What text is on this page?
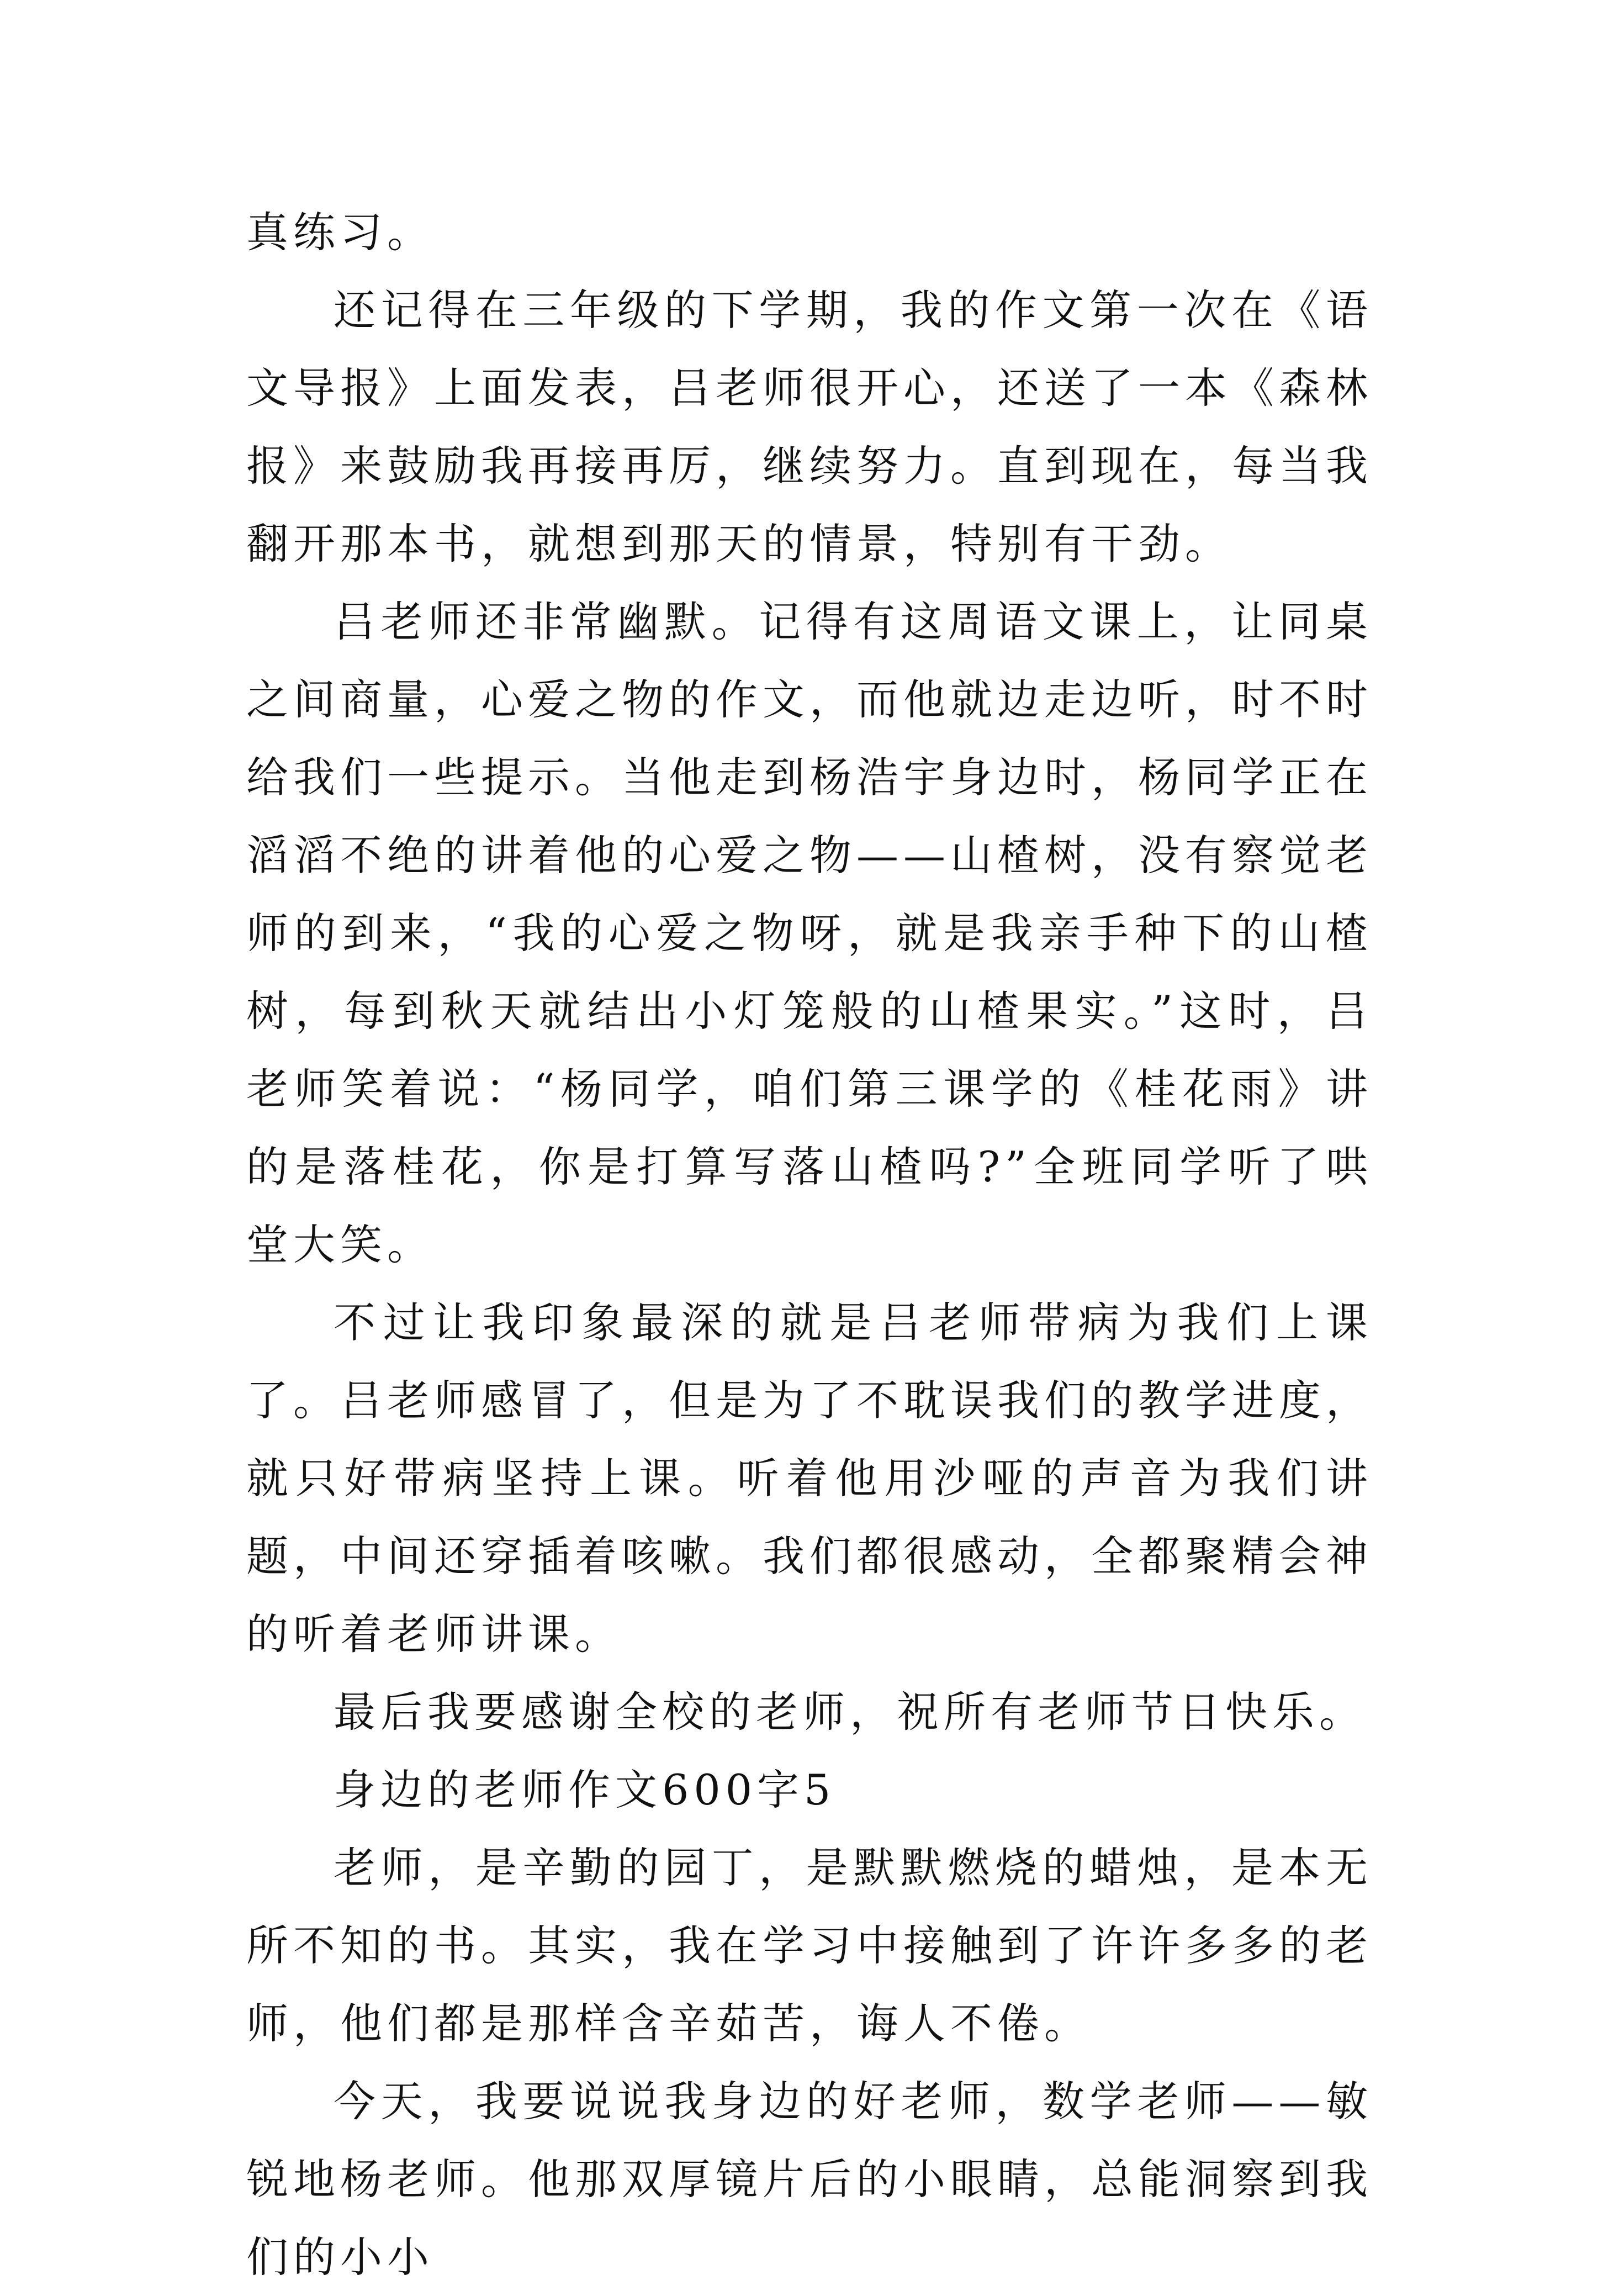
真练习。

还记得在三年级的下学期，我的作文第一次在《语文导报》上面发表，吕老师很开心，还送了一本《森林报》来鼓励我再接再厉，继续努力。直到现在，每当我翻开那本书，就想到那天的情景，特别有干劲。

吕老师还非常幽默。记得有这周语文课上，让同桌之间商量，心爱之物的作文，而他就边走边听，时不时给我们一些提示。当他走到杨浩宇身边时，杨同学正在滔滔不绝的讲着他的心爱之物——山楂树，没有察觉老师的到来，“我的心爱之物呀，就是我亲手种下的山楂树，每到秋天就结出小灯笼般的山楂果实。”这时，吕老师笑着说：“杨同学，咱们第三课学的《桂花雨》讲的是落桂花，你是打算写落山楂吗?”全班同学听了哄堂大笑。

不过让我印象最深的就是吕老师带病为我们上课了。吕老师感冒了，但是为了不耽误我们的教学进度，就只好带病坚持上课。听着他用沙哑的声音为我们讲题，中间还穿插着咳嗽。我们都很感动，全都聚精会神的听着老师讲课。

最后我要感谢全校的老师，祝所有老师节日快乐。

身边的老师作文600字5

老师，是辛勤的园丁，是默默燃烧的蜡烛，是本无所不知的书。其实，我在学习中接触到了许许多多的老师，他们都是那样含辛茹苦，诲人不倦。

今天，我要说说我身边的好老师，数学老师——敏锐地杨老师。他那双厚镜片后的小眼睛，总能洞察到我们的小小
